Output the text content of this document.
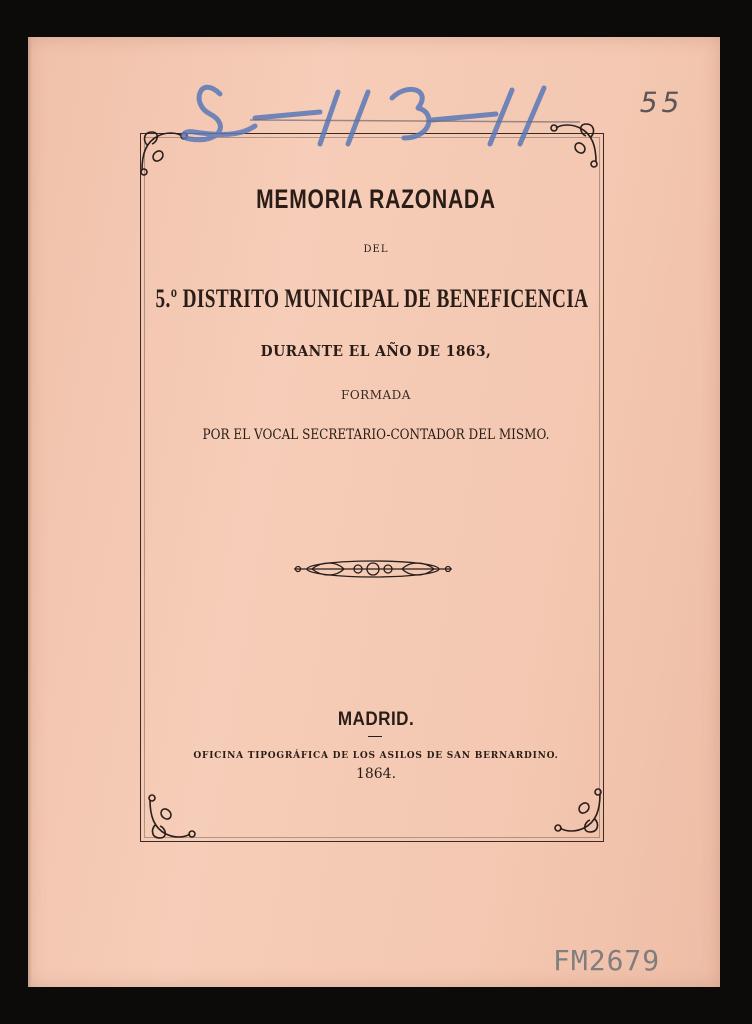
55
MEMORIA RAZONADA
DEL
5.º DISTRITO MUNICIPAL DE BENEFICENCIA
DURANTE EL AÑO DE 1863,
FORMADA
POR EL VOCAL SECRETARIO-CONTADOR DEL MISMO.
MADRID.
OFICINA TIPOGRÁFICA DE LOS ASILOS DE SAN BERNARDINO.
1864.
FM2679
